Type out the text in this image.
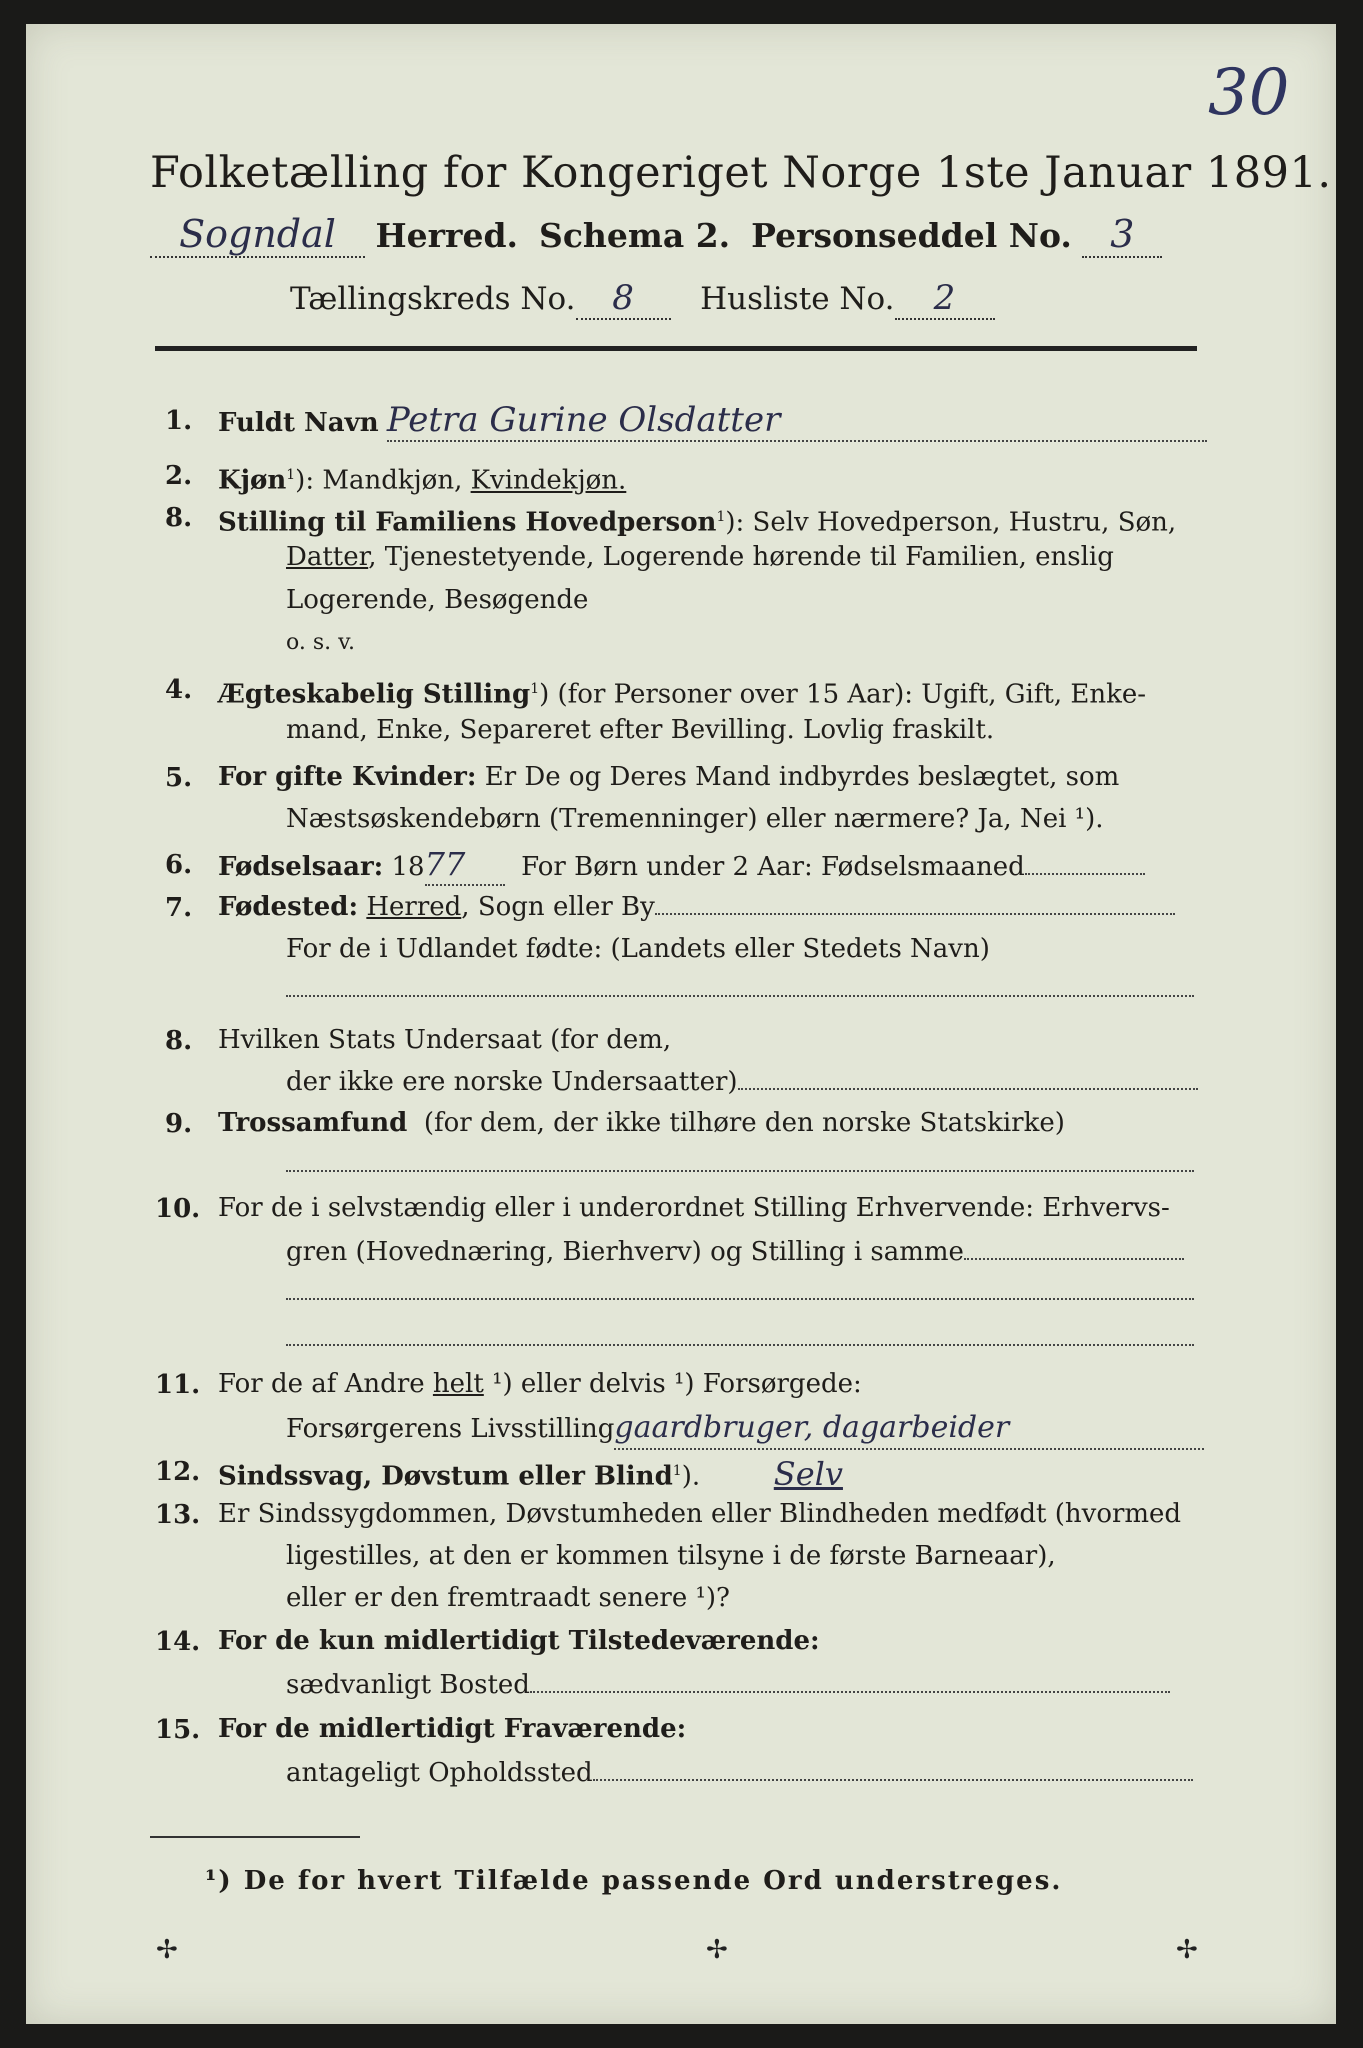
30
Folketælling for Kongeriget Norge 1ste Januar 1891.
Sogndal Herred. Schema 2. Personseddel No. 3
Tællingskreds No. 8 Husliste No. 2
1. Fuldt Navn Petra Gurine Olsdatter
2. Kjøn$^1$): Mandkjøn, Kvindekjøn.
8. Stilling til Familiens Hovedperson$^1$): Selv Hovedperson, Hustru, Søn,
Datter, Tjenestetyende, Logerende hørende til Familien, enslig
Logerende, Besøgende
o. s. v.
4. Ægteskabelig Stilling$^1$) (for Personer over 15 Aar): Ugift, Gift, Enke-
mand, Enke, Separeret efter Bevilling. Lovlig fraskilt.
5. For gifte Kvinder: Er De og Deres Mand indbyrdes beslægtet, som
Næstsøskendebørn (Tremenninger) eller nærmere? Ja, Nei ¹).
6. Fødselsaar: 1877 For Børn under 2 Aar: Fødselsmaaned
7. Fødested: Herred, Sogn eller By
For de i Udlandet fødte: (Landets eller Stedets Navn)
8. Hvilken Stats Undersaat (for dem,
der ikke ere norske Undersaatter)
9. Trossamfund (for dem, der ikke tilhøre den norske Statskirke)
10. For de i selvstændig eller i underordnet Stilling Erhvervende: Erhvervs-
gren (Hovednæring, Bierhverv) og Stilling i samme
11. For de af Andre helt ¹) eller delvis ¹) Forsørgede:
Forsørgerens Livsstillinggaardbruger, dagarbeider
12. Sindssvag, Døvstum eller Blind$^1$). Selv
13. Er Sindssygdommen, Døvstumheden eller Blindheden medfødt (hvormed
ligestilles, at den er kommen tilsyne i de første Barneaar),
eller er den fremtraadt senere ¹)?
14. For de kun midlertidigt Tilstedeværende:
sædvanligt Bosted
15. For de midlertidigt Fraværende:
antageligt Opholdssted
¹) De for hvert Tilfælde passende Ord understreges.
✢	✢	✢
